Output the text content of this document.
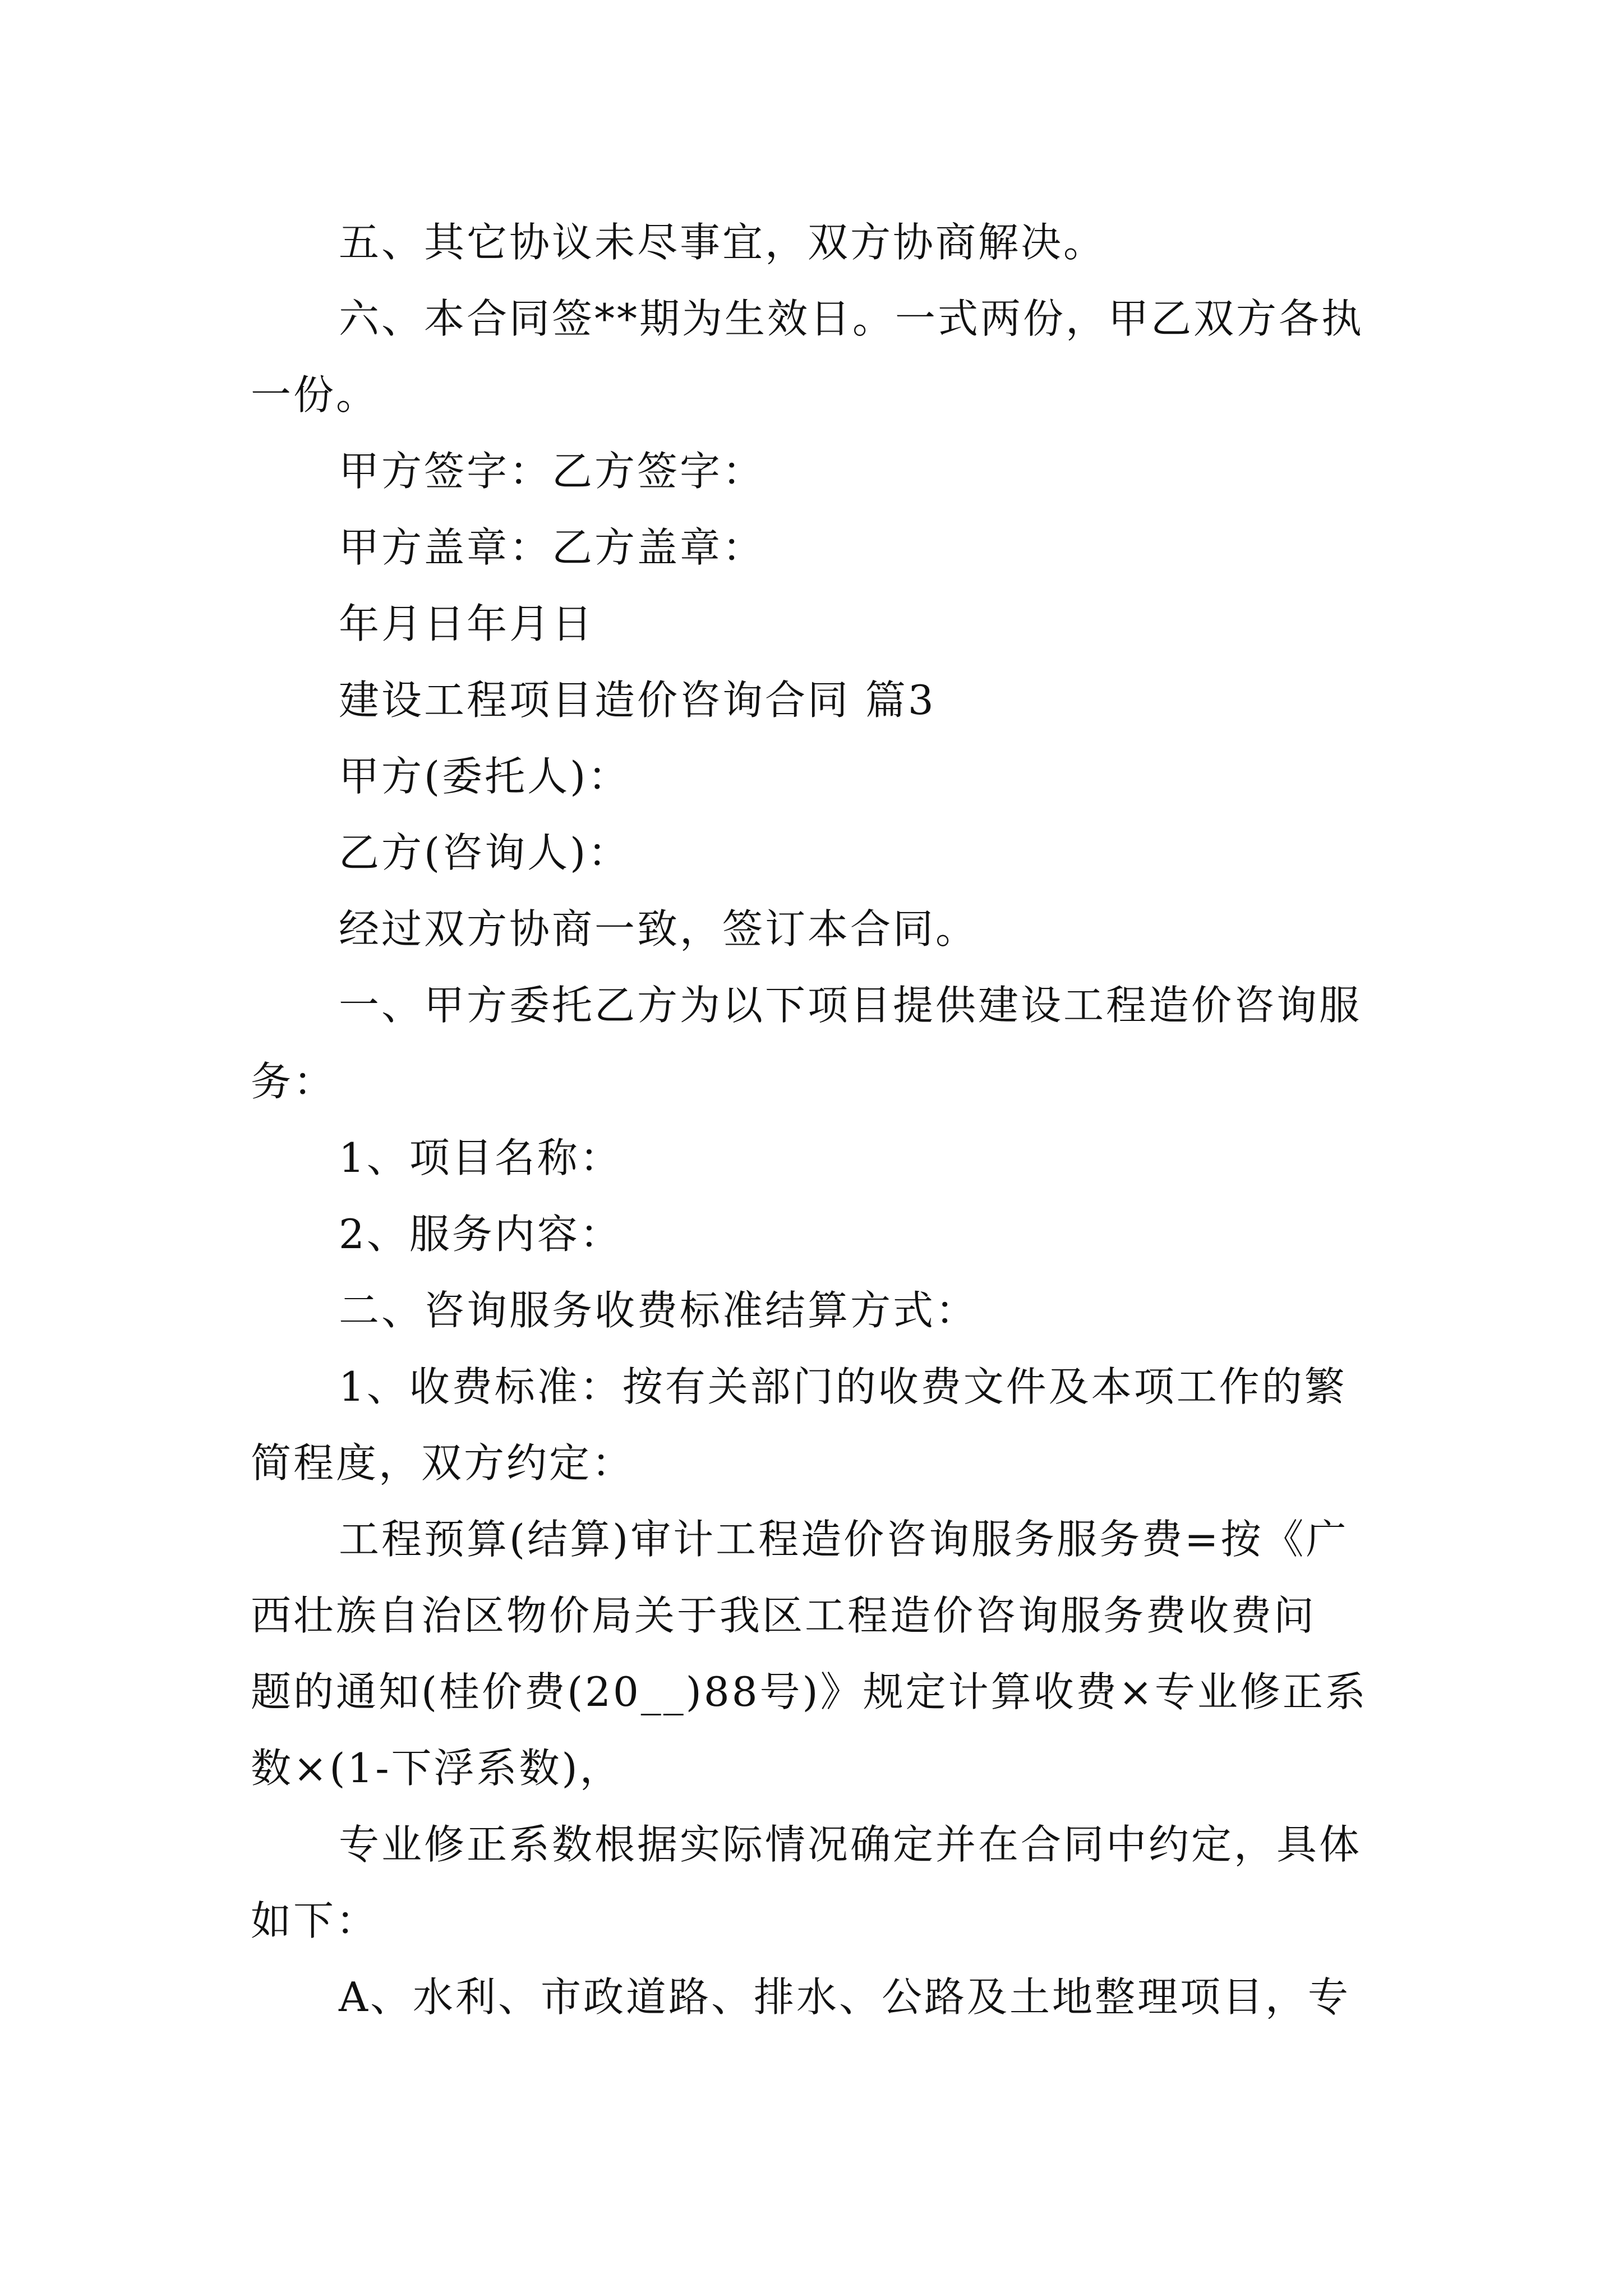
五、其它协议未尽事宜，双方协商解决。
六、本合同签**期为生效日。一式两份，甲乙双方各执
一份。
甲方签字：乙方签字：
甲方盖章：乙方盖章：
年月日年月日
建设工程项目造价咨询合同 篇3
甲方(委托人)：
乙方(咨询人)：
经过双方协商一致，签订本合同。
一、甲方委托乙方为以下项目提供建设工程造价咨询服
务：
1、项目名称：
2、服务内容：
二、咨询服务收费标准结算方式：
1、收费标准：按有关部门的收费文件及本项工作的繁
简程度，双方约定：
工程预算(结算)审计工程造价咨询服务服务费=按《广
西壮族自治区物价局关于我区工程造价咨询服务费收费问
题的通知(桂价费(20__)88号)》规定计算收费×专业修正系
数×(1-下浮系数)，
专业修正系数根据实际情况确定并在合同中约定，具体
如下：
A、水利、市政道路、排水、公路及土地整理项目，专
